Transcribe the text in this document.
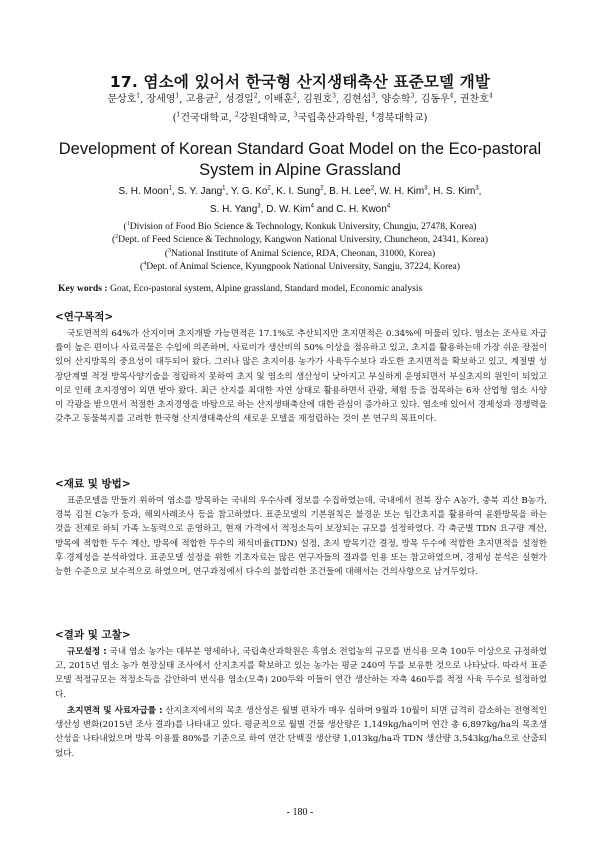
17. 염소에 있어서 한국형 산지생태축산 표준모델 개발
문상호$^1$, 장세영$^1$, 고용균$^2$, 성경일$^2$, 이배훈$^2$, 김원호$^3$, 김현섭$^3$, 양승학$^3$, 김동우$^4$, 권찬호$^4$
($^1$건국대학교, $^2$강원대학교, $^3$국립축산과학원, $^4$경북대학교)
Development of Korean Standard Goat Model on the Eco-pastoral
System in Alpine Grassland
S. H. Moon$^1$, S. Y. Jang$^1$, Y. G. Ko$^2$, K. I. Sung$^2$, B. H. Lee$^2$, W. H. Kim$^3$, H. S. Kim$^3$,
S. H. Yang$^3$, D. W. Kim$^4$ and C. H. Kwon$^4$
($^1$Division of Food Bio Science & Technology, Konkuk University, Chungju, 27478, Korea)
($^2$Dept. of Feed Science & Technology, Kangwon National University, Chuncheon, 24341, Korea)
($^3$National Institute of Animal Science, RDA, Cheonan, 31000, Korea)
($^4$Dept. of Animal Science, Kyungpook National University, Sangju, 37224, Korea)
Key words : Goat, Eco-pastoral system, Alpine grassland, Standard model, Economic analysis
<연구목적>

국토면적의 64%가 산지이며 초지개발 가능면적은 17.1%로 추산되지만 초지면적은 0.34%에 머물러 있다. 염소는 조사료 자급률이 높은 편이나 사료곡물은 수입에 의존하며, 사료비가 생산비의 50% 이상을 점유하고 있고, 초지를 활용하는데 가장 쉬운 장점이 있어 산지방목의 중요성이 대두되어 왔다. 그러나 많은 초지이용 농가가 사육두수보다 과도한 초지면적을 확보하고 있고, 계절별 성장단계별 적정 방목사양기술을 정립하지 못하여 초지 및 염소의 생산성이 낮아지고 부실하게 운영되면서 부실초지의 원인이 되었고 이로 인해 초지경영이 외면 받아 왔다. 최근 산지를 최대한 자연 상태로 활용하면서 관광, 체험 등을 접목하는 6차 산업형 염소 사양이 각광을 받으면서 적절한 초지경영을 바탕으로 하는 산지생태축산에 대한 관심이 증가하고 있다. 염소에 있어서 경제성과 경쟁력을 갖추고 동물복지를 고려한 한국형 산지생태축산의 새로운 모델을 재정립하는 것이 본 연구의 목표이다.

<재료 및 방법>

표준모델을 만들기 위하여 염소를 방목하는 국내의 우수사례 정보를 수집하였는데, 국내에서 전북 장수 A농가, 충북 괴산 B농가, 경북 김천 C농가 등과, 해외사례조사 등을 참고하였다. 표준모델의 기본원칙은 불경운 또는 임간초지를 활용하여 윤환방목을 하는 것을 전제로 하되 가족 노동력으로 운영하고, 현재 가격에서 적정소득이 보장되는 규모를 설정하였다. 각 축군별 TDN 요구량 계산, 방목에 적합한 두수 계산, 방목에 적합한 두수의 채식비율(TDN) 설정, 초지 방목기간 결정, 방목 두수에 적합한 초지면적을 설정한 후 경제성을 분석하였다. 표준모델 설정을 위한 기초자료는 많은 연구자들의 결과를 인용 또는 참고하였으며, 경제성 분석은 실현가능한 수준으로 보수적으로 하였으며, 연구과정에서 다수의 불합리한 조건들에 대해서는 건의사항으로 남겨두었다.

<결과 및 고찰>

규모설정 : 국내 염소 농가는 대부분 영세하나, 국립축산과학원은 흑염소 전업농의 규모를 번식용 모축 100두 이상으로 규정하였고, 2015년 염소 농가 현장실태 조사에서 산지초지를 확보하고 있는 농가는 평균 240여 두를 보유한 것으로 나타났다. 따라서 표준모델 적정규모는 적정소득을 감안하여 번식용 염소(모축) 200두와 이들이 연간 생산하는 자축 460두를 적정 사육 두수로 설정하였다.

초지면적 및 사료자급률 : 산지초지에서의 목초 생산성은 월별 편차가 매우 심하며 9월과 10월이 되면 급격히 감소하는 전형적인 생산성 변화(2015년 조사 결과)를 나타내고 있다. 평균적으로 월별 건물 생산량은 1,149kg/ha이며 연간 총 6,897kg/ha의 목초생산성을 나타내었으며 방목 이용률 80%를 기준으로 하여 연간 단백질 생산량 1,013kg/ha과 TDN 생산량 3,543kg/ha으로 산출되었다.

- 180 -
